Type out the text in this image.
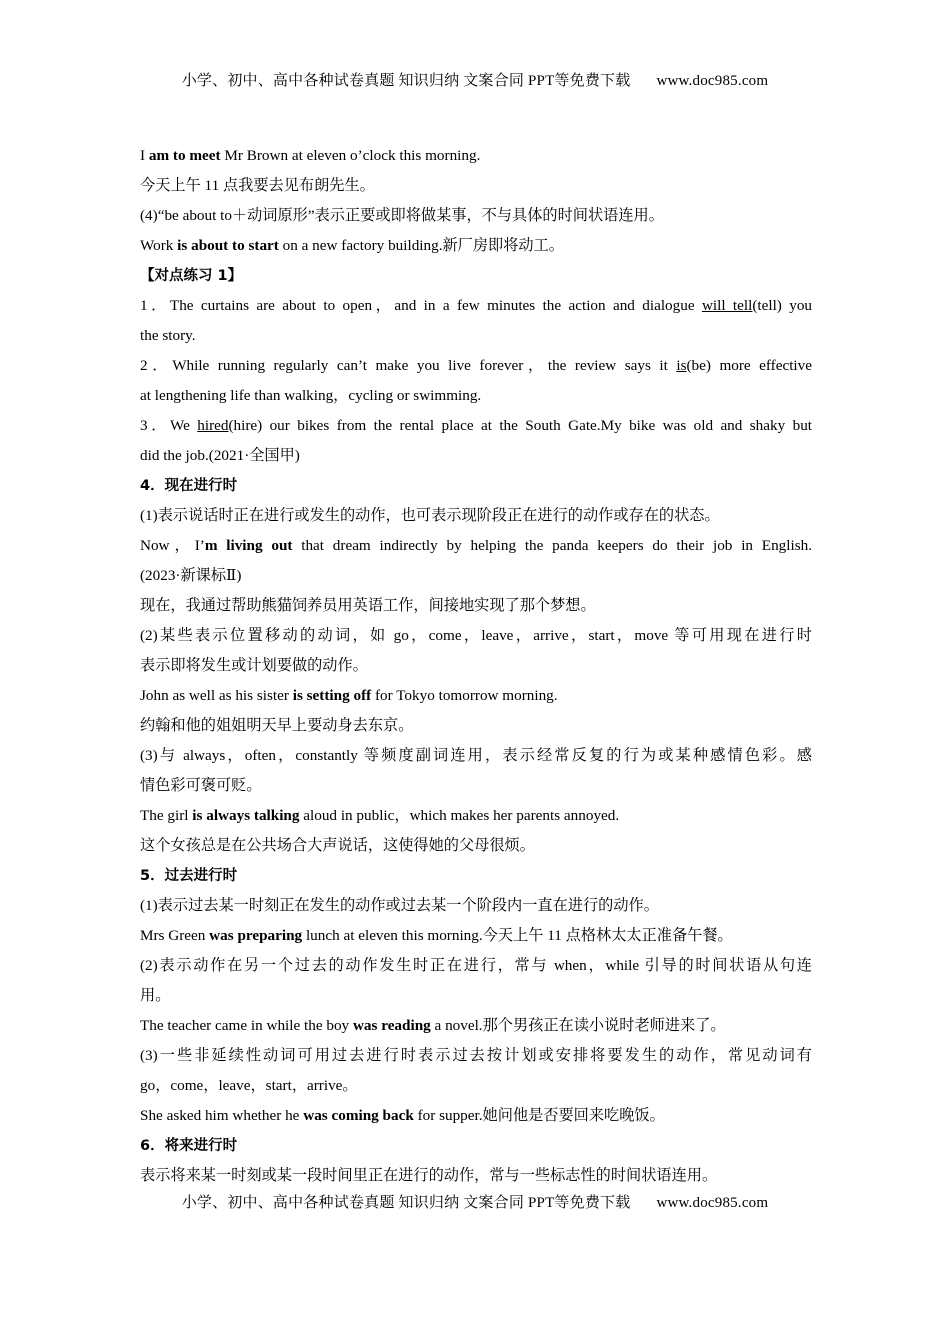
小学、初中、高中各种试卷真题 知识归纳 文案合同 PPT等免费下载 www.doc985.com
I am to meet Mr Brown at eleven o’clock this morning.
今天上午 11 点我要去见布朗先生。
(4)“be about to＋动词原形”表示正要或即将做某事，不与具体的时间状语连用。
Work is about to start on a new factory building.新厂房即将动工。
【对点练习 1】
1．The curtains are about to open，and in a few minutes the action and dialogue will tell(tell) you
the story.
2．While running regularly can’t make you live forever，the review says it is(be) more effective
at lengthening life than walking，cycling or swimming.
3．We hired(hire) our bikes from the rental place at the South Gate.My bike was old and shaky but
did the job.(2021·全国甲)
4．现在进行时
(1)表示说话时正在进行或发生的动作，也可表示现阶段正在进行的动作或存在的状态。
Now，I’m living out that dream indirectly by helping the panda keepers do their job in English.
(2023·新课标Ⅱ)
现在，我通过帮助熊猫饲养员用英语工作，间接地实现了那个梦想。
(2)某些表示位置移动的动词，如 go，come，leave，arrive，start，move 等可用现在进行时
表示即将发生或计划要做的动作。
John as well as his sister is setting off for Tokyo tomorrow morning.
约翰和他的姐姐明天早上要动身去东京。
(3)与 always，often，constantly 等频度副词连用，表示经常反复的行为或某种感情色彩。感
情色彩可褒可贬。
The girl is always talking aloud in public，which makes her parents annoyed.
这个女孩总是在公共场合大声说话，这使得她的父母很烦。
5．过去进行时
(1)表示过去某一时刻正在发生的动作或过去某一个阶段内一直在进行的动作。
Mrs Green was preparing lunch at eleven this morning.今天上午 11 点格林太太正准备午餐。
(2)表示动作在另一个过去的动作发生时正在进行，常与 when，while 引导的时间状语从句连
用。
The teacher came in while the boy was reading a novel.那个男孩正在读小说时老师进来了。
(3)一些非延续性动词可用过去进行时表示过去按计划或安排将要发生的动作，常见动词有
go，come，leave，start，arrive。
She asked him whether he was coming back for supper.她问他是否要回来吃晚饭。
6．将来进行时
表示将来某一时刻或某一段时间里正在进行的动作，常与一些标志性的时间状语连用。
小学、初中、高中各种试卷真题 知识归纳 文案合同 PPT等免费下载 www.doc985.com
